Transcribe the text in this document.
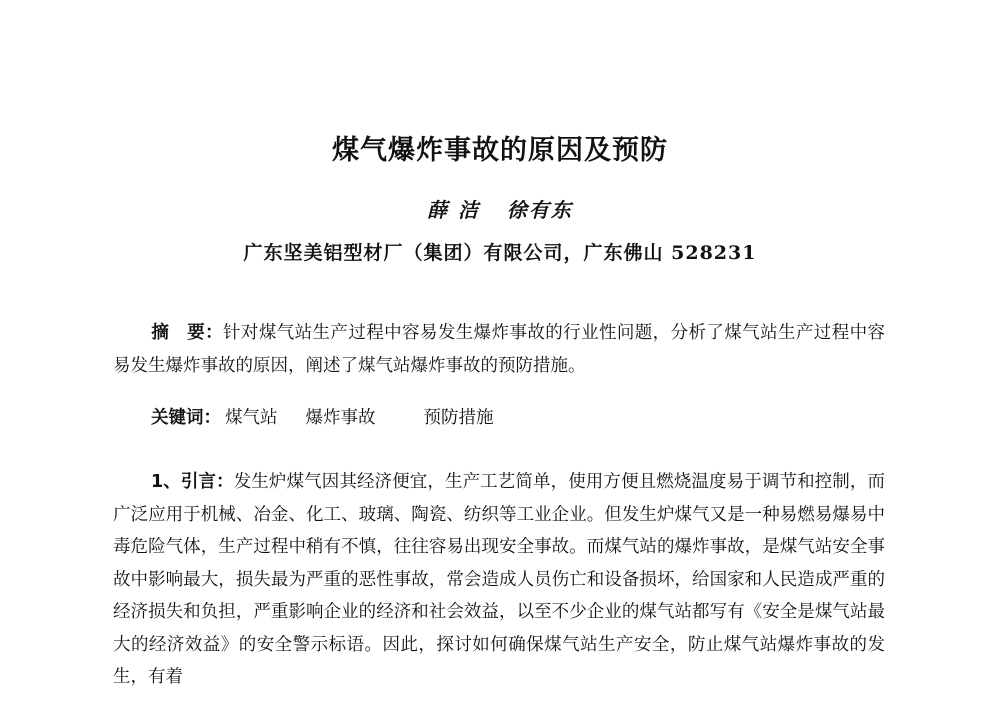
煤气爆炸事故的原因及预防
薛 洁   徐有东
广东坚美铝型材厂（集团）有限公司，广东佛山 528231

摘　要：针对煤气站生产过程中容易发生爆炸事故的行业性问题，分析了煤气站生产过程中容易发生爆炸事故的原因，阐述了煤气站爆炸事故的预防措施。

关键词： 煤气站 爆炸事故	预防措施

1、引言：发生炉煤气因其经济便宜，生产工艺简单，使用方便且燃烧温度易于调节和控制，而广泛应用于机械、冶金、化工、玻璃、陶瓷、纺织等工业企业。但发生炉煤气又是一种易燃易爆易中毒危险气体，生产过程中稍有不慎，往往容易出现安全事故。而煤气站的爆炸事故，是煤气站安全事故中影响最大，损失最为严重的恶性事故，常会造成人员伤亡和设备损坏，给国家和人民造成严重的经济损失和负担，严重影响企业的经济和社会效益，以至不少企业的煤气站都写有《安全是煤气站最大的经济效益》的安全警示标语。因此，探讨如何确保煤气站生产安全，防止煤气站爆炸事故的发生，有着
